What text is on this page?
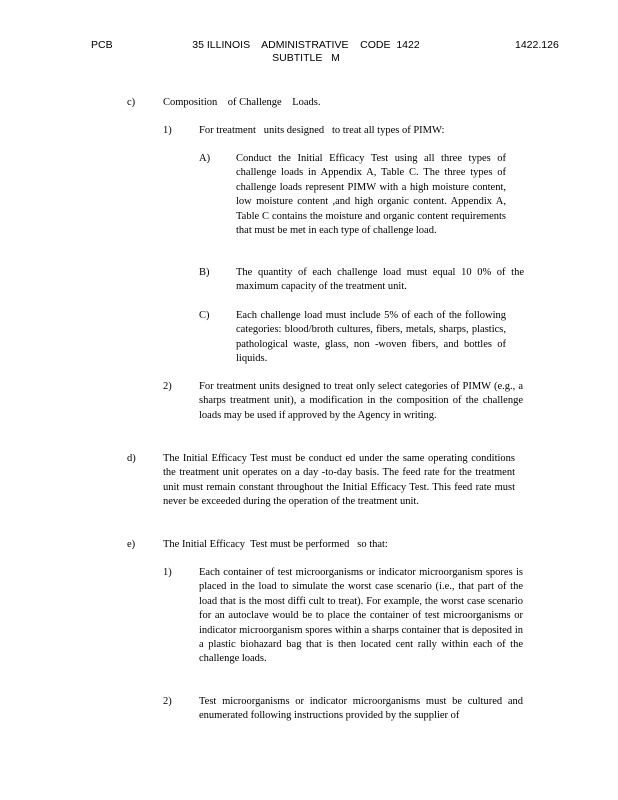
PCB	35 ILLINOIS    ADMINISTRATIVE    CODE  1422
SUBTITLE   M
1422.126
c)	Composition    of Challenge    Loads.
1)	For treatment   units designed   to treat all types of PIMW:
A) Conduct the Initial Efficacy Test using all three types of challenge loads in Appendix A, Table C. The three types of challenge loads represent PIMW with a high moisture content, low moisture content ,and high organic content. Appendix A, Table C contains the moisture and organic content requirements that must be met in each type of challenge load.
B)	The quantity of each challenge load must equal 10 0% of the maximum capacity of the treatment unit.
C)	Each challenge load must include 5% of each of the following categories: blood/broth cultures, fibers, metals, sharps, plastics, pathological waste, glass, non -woven fibers, and bottles of liquids.
2)	For treatment units designed to treat only select categories of PIMW (e.g., a sharps treatment unit), a modification in the composition of the challenge loads may be used if approved by the Agency in writing.
d)	The Initial Efficacy Test must be conduct ed under the same operating conditions the treatment unit operates on a day -to-day basis. The feed rate for the treatment unit must remain constant throughout the Initial Efficacy Test. This feed rate must never be exceeded during the operation of the treatment unit.
e)	The Initial Efficacy  Test must be performed   so that:
1)	Each container of test microorganisms or indicator microorganism spores is placed in the load to simulate the worst case scenario (i.e., that part of the load that is the most diffi cult to treat). For example, the worst case scenario for an autoclave would be to place the container of test microorganisms or indicator microorganism spores within a sharps container that is deposited in a plastic biohazard bag that is then located cent rally within each of the challenge loads.
2)	Test microorganisms or indicator microorganisms must be cultured and enumerated following instructions provided by the supplier of
